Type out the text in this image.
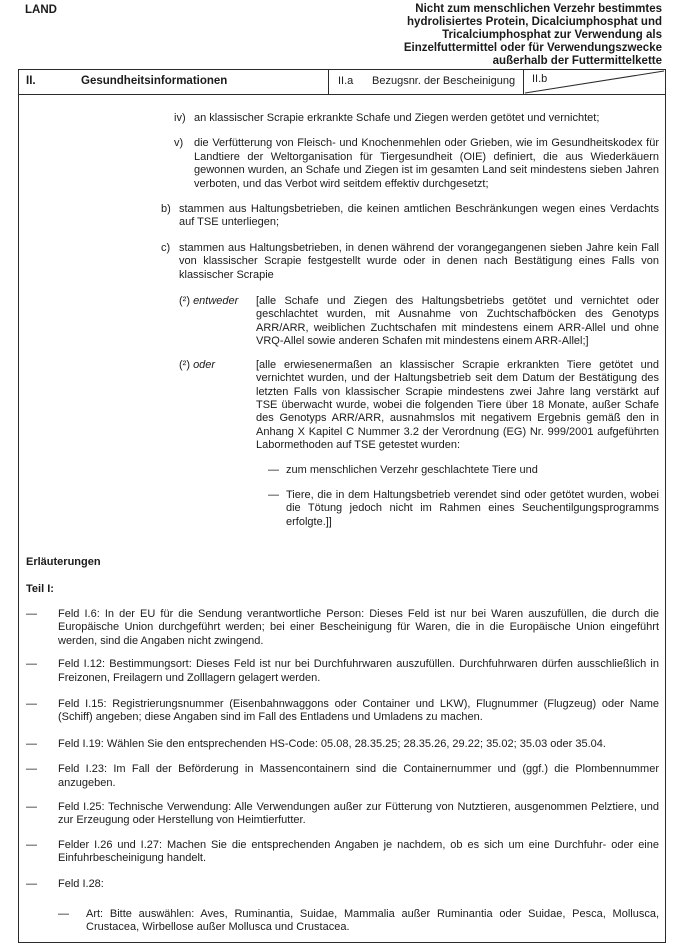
LAND	Nicht zum menschlichen Verzehr bestimmtes
hydrolisiertes Protein, Dicalciumphosphat und
Tricalciumphosphat zur Verwendung als
Einzelfuttermittel oder für Verwendungszwecke
außerhalb der Futtermittelkette
II.	Gesundheitsinformationen	II.a	Bezugsnr. der Bescheinigung II.b
iv) an klassischer Scrapie erkrankte Schafe und Ziegen werden getötet und vernichtet;
v) die Verfütterung von Fleisch- und Knochenmehlen oder Grieben, wie im Gesundheitskodex für Landtiere der Weltorganisation für Tiergesundheit (OIE) definiert, die aus Wiederkäuern gewonnen wurden, an Schafe und Ziegen ist im gesamten Land seit mindestens sieben Jahren verboten, und das Verbot wird seitdem effektiv durchgesetzt;
b) stammen aus Haltungsbetrieben, die keinen amtlichen Beschränkungen wegen eines Verdachts auf TSE unterliegen;
c) stammen aus Haltungsbetrieben, in denen während der vorangegangenen sieben Jahre kein Fall von klassischer Scrapie festgestellt wurde oder in denen nach Bestätigung eines Falls von klassischer Scrapie
(²) entweder	[alle Schafe und Ziegen des Haltungsbetriebs getötet und vernichtet oder geschlachtet wurden, mit Ausnahme von Zuchtschafböcken des Genotyps ARR/ARR, weiblichen Zuchtschafen mit mindestens einem ARR-Allel und ohne VRQ-Allel sowie anderen Schafen mit mindestens einem ARR-Allel;]
(²) oder	[alle erwiesenermaßen an klassischer Scrapie erkrankten Tiere getötet und vernichtet wurden, und der Haltungsbetrieb seit dem Datum der Bestätigung des letzten Falls von klassischer Scrapie mindestens zwei Jahre lang verstärkt auf TSE überwacht wurde, wobei die folgenden Tiere über 18 Monate, außer Schafe des Genotyps ARR/ARR, ausnahmslos mit negativem Ergebnis gemäß den in Anhang X Kapitel C Nummer 3.2 der Verordnung (EG) Nr. 999/2001 aufgeführten Labormethoden auf TSE getestet wurden:
— zum menschlichen Verzehr geschlachtete Tiere und
— Tiere, die in dem Haltungsbetrieb verendet sind oder getötet wurden, wobei die Tötung jedoch nicht im Rahmen eines Seuchentilgungsprogramms erfolgte.]]
Erläuterungen
Teil I:
—	Feld I.6: In der EU für die Sendung verantwortliche Person: Dieses Feld ist nur bei Waren auszufüllen, die durch die Europäische Union durchgeführt werden; bei einer Bescheinigung für Waren, die in die Europäische Union eingeführt werden, sind die Angaben nicht zwingend.
—	Feld I.12: Bestimmungsort: Dieses Feld ist nur bei Durchfuhrwaren auszufüllen. Durchfuhrwaren dürfen ausschließlich in Freizonen, Freilagern und Zolllagern gelagert werden.
—	Feld I.15: Registrierungsnummer (Eisenbahnwaggons oder Container und LKW), Flugnummer (Flugzeug) oder Name (Schiff) angeben; diese Angaben sind im Fall des Entladens und Umladens zu machen.
—	Feld I.19: Wählen Sie den entsprechenden HS-Code: 05.08, 28.35.25; 28.35.26, 29.22; 35.02; 35.03 oder 35.04.
—	Feld I.23: Im Fall der Beförderung in Massencontainern sind die Containernummer und (ggf.) die Plombennummer anzugeben.
—	Feld I.25: Technische Verwendung: Alle Verwendungen außer zur Fütterung von Nutztieren, ausgenommen Pelztiere, und zur Erzeugung oder Herstellung von Heimtierfutter.
—	Felder I.26 und I.27: Machen Sie die entsprechenden Angaben je nachdem, ob es sich um eine Durchfuhr- oder eine Einfuhrbescheinigung handelt.
—	Feld I.28:
—	Art: Bitte auswählen: Aves, Ruminantia, Suidae, Mammalia außer Ruminantia oder Suidae, Pesca, Mollusca, Crustacea, Wirbellose außer Mollusca und Crustacea.
